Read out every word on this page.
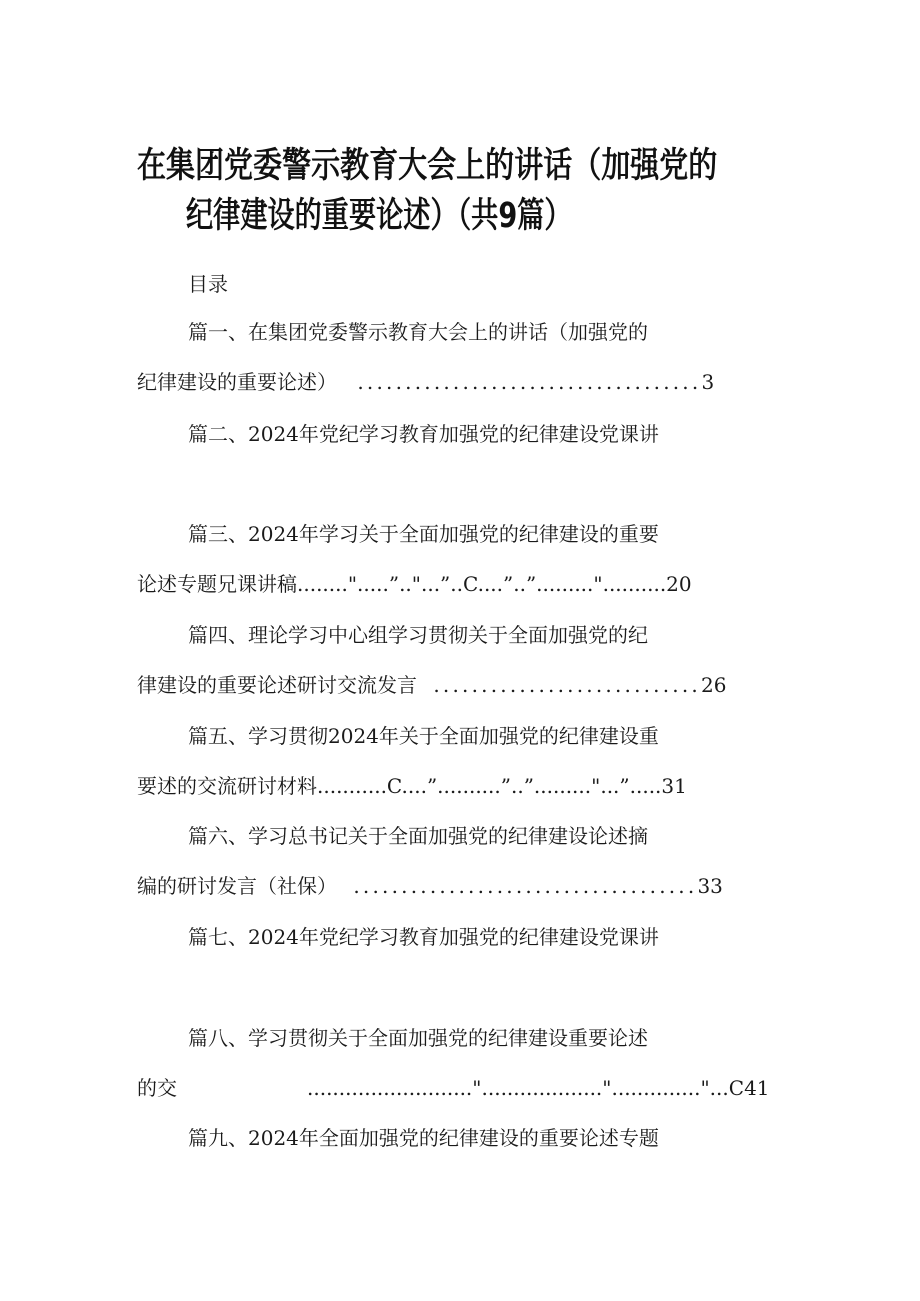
在集团党委警示教育大会上的讲话（加强党的
纪律建设的重要论述）（共9篇）
目录
篇一、在集团党委警示教育大会上的讲话（加强党的
纪律建设的重要论述） ....................................3
篇二、2024年党纪学习教育加强党的纪律建设党课讲
篇三、2024年学习关于全面加强党的纪律建设的重要
论述专题兄课讲稿........".....”.."...”..C....”..”........."..........20
篇四、理论学习中心组学习贯彻关于全面加强党的纪
律建设的重要论述研讨交流发言 ............................26
篇五、学习贯彻2024年关于全面加强党的纪律建设重
要述的交流研讨材料...........C....”..........”..”........."...”.....31
篇六、学习总书记关于全面加强党的纪律建设论述摘
编的研讨发言（社保） ....................................33
篇七、2024年党纪学习教育加强党的纪律建设党课讲
篇八、学习贯彻关于全面加强党的纪律建设重要论述
的交	.........................."...................".............."...C41
篇九、2024年全面加强党的纪律建设的重要论述专题
